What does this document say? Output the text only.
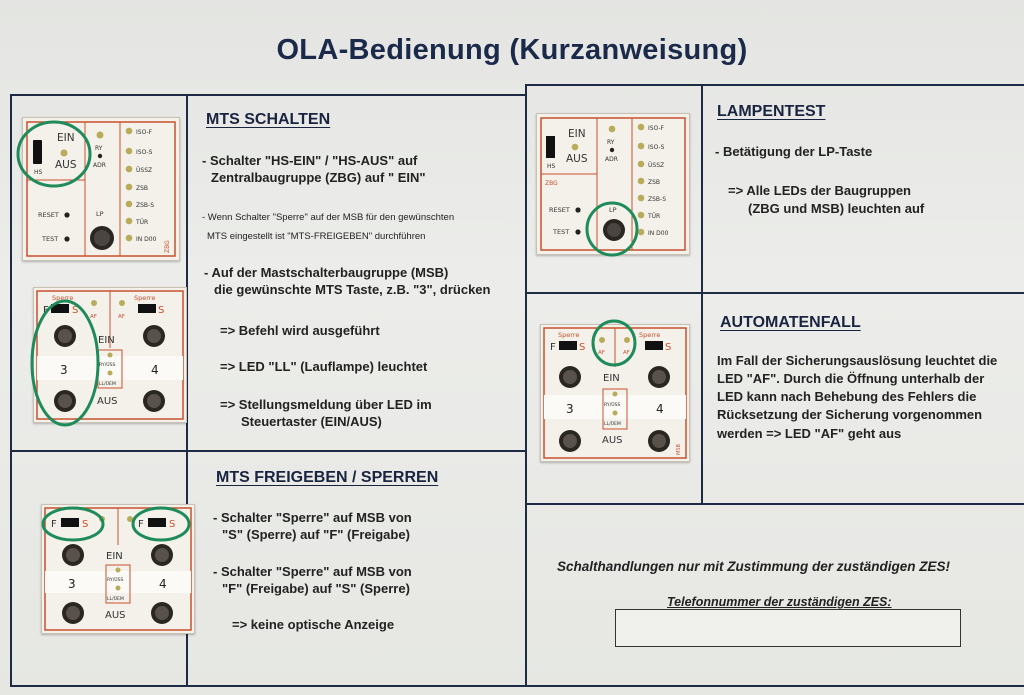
OLA-Bedienung (Kurzanweisung)
EIN
AUS
HS
RY
ADR
RESET
TEST
LP
ISO-F
ISO-S
ÜSSZ
ZSB
ZSB-S
TÜR
IN D00
ZBG
Sperre	Sperre
F S
AF	AF
S
EIN
3	4
RY/ÜSS
LL/ÜEM
AUS
F	S	F	S
EIN
3	4
RY/ÜSS
LL/ÜEM
AUS
EIN
AUS
HS
ZBG
RY
ADR
RESET
TEST
LP
ISO-F
ISO-S
ÜSSZ
ZSB
ZSB-S
TÜR
IN D00
Sperre	Sperre
F S AF	AF	S
EIN
3	4
RY/ÜSS
LL/ÜEM
AUS
MSB
MTS SCHALTEN
- Schalter "HS-EIN" / "HS-AUS" auf
Zentralbaugruppe (ZBG) auf " EIN"
- Wenn Schalter "Sperre" auf der MSB für den gewünschten
MTS eingestellt ist "MTS-FREIGEBEN" durchführen
- Auf der Mastschalterbaugruppe (MSB)
die gewünschte MTS Taste, z.B. "3", drücken
=> Befehl wird ausgeführt
=> LED "LL" (Lauflampe) leuchtet
=> Stellungsmeldung über LED im
Steuertaster (EIN/AUS)
MTS FREIGEBEN / SPERREN
- Schalter "Sperre" auf MSB von
"S" (Sperre) auf "F" (Freigabe)
- Schalter "Sperre" auf MSB von
"F" (Freigabe) auf "S" (Sperre)
=> keine optische Anzeige
LAMPENTEST
- Betätigung der LP-Taste
=> Alle LEDs der Baugruppen
(ZBG und MSB) leuchten auf
AUTOMATENFALL
Im Fall der Sicherungsauslösung leuchtet die
LED "AF". Durch die Öffnung unterhalb der
LED kann nach Behebung des Fehlers die
Rücksetzung der Sicherung vorgenommen
werden => LED "AF" geht aus
Schalthandlungen nur mit Zustimmung der zuständigen ZES!
Telefonnummer der zuständigen ZES:
